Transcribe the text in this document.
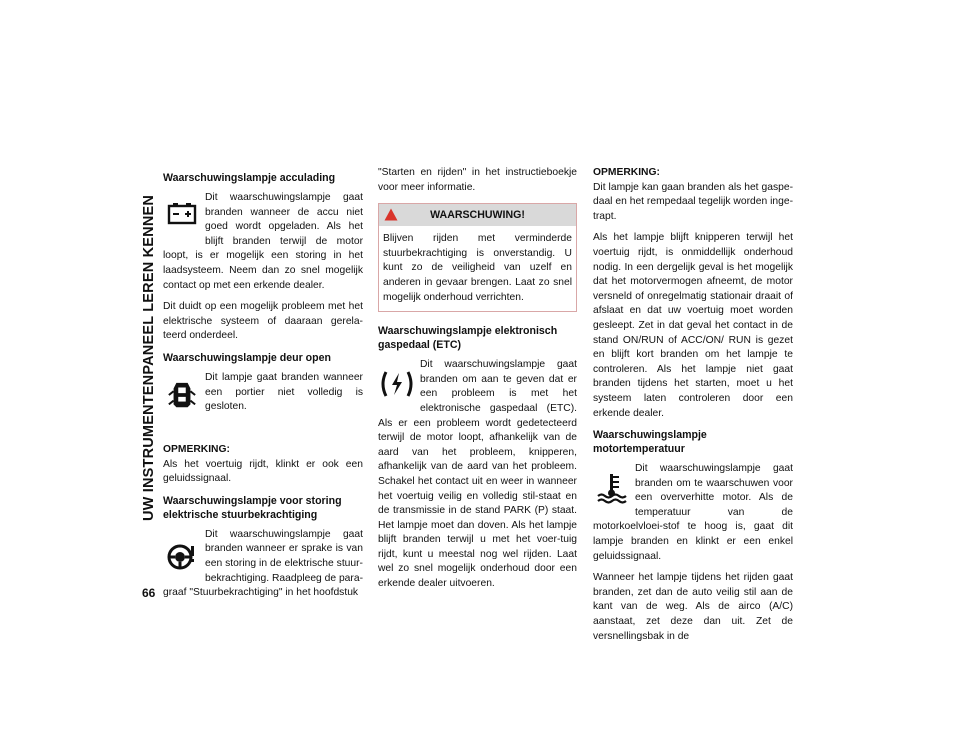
UW INSTRUMENTENPANEEL LEREN KENNEN
66
Waarschuwingslampje acculading

Dit waarschuwingslampje gaat branden wanneer de accu niet goed wordt opgeladen. Als het blijft branden terwijl de motor loopt, is er mogelijk een storing in het laadsysteem. Neem dan zo snel mogelijk contact op met een erkende dealer.

Dit duidt op een mogelijk probleem met het elektrische systeem of daaraan gerela-teerd onderdeel.

Waarschuwingslampje deur open

Dit lampje gaat branden wanneer een portier niet volledig is gesloten.

OPMERKING:
Als het voertuig rijdt, klinkt er ook een geluidssignaal.

Waarschuwingslampje voor storing elektrische stuurbekrachtiging

Dit waarschuwingslampje gaat branden wanneer er sprake is van een storing in de elektrische stuur-bekrachtiging. Raadpleeg de para-graaf "Stuurbekrachtiging" in het hoofdstuk

"Starten en rijden" in het instructieboekje voor meer informatie.

WAARSCHUWING!
Blijven rijden met verminderde stuurbekrachtiging is onverstandig. U kunt zo de veiligheid van uzelf en anderen in gevaar brengen. Laat zo snel mogelijk onderhoud verrichten.
Waarschuwingslampje elektronisch gaspedaal (ETC)

Dit waarschuwingslampje gaat branden om aan te geven dat er een probleem is met het elektronische gaspedaal (ETC). Als er een probleem wordt gedetecteerd terwijl de motor loopt, afhankelijk van de aard van het probleem, knipperen, afhankelijk van de aard van het probleem. Schakel het contact uit en weer in wanneer het voertuig veilig en volledig stil-staat en de transmissie in de stand PARK (P) staat. Het lampje moet dan doven. Als het lampje blijft branden terwijl u met het voer-tuig rijdt, kunt u meestal nog wel rijden. Laat wel zo snel mogelijk onderhoud door een erkende dealer uitvoeren.

OPMERKING:
Dit lampje kan gaan branden als het gaspe-daal en het rempedaal tegelijk worden inge-trapt.

Als het lampje blijft knipperen terwijl het voertuig rijdt, is onmiddellijk onderhoud nodig. In een dergelijk geval is het mogelijk dat het motorvermogen afneemt, de motor versneld of onregelmatig stationair draait of afslaat en dat uw voertuig moet worden gesleept. Zet in dat geval het contact in de stand ON/RUN of ACC/ON/ RUN is gezet en blijft kort branden om het lampje te controleren. Als het lampje niet gaat branden tijdens het starten, moet u het systeem laten controleren door een erkende dealer.

Waarschuwingslampje motortemperatuur

Dit waarschuwingslampje gaat branden om te waarschuwen voor een oververhitte motor. Als de temperatuur van de motorkoelvloei-stof te hoog is, gaat dit lampje branden en klinkt er een enkel geluidssignaal.

Wanneer het lampje tijdens het rijden gaat branden, zet dan de auto veilig stil aan de kant van de weg. Als de airco (A/C) aanstaat, zet deze dan uit. Zet de versnellingsbak in de
